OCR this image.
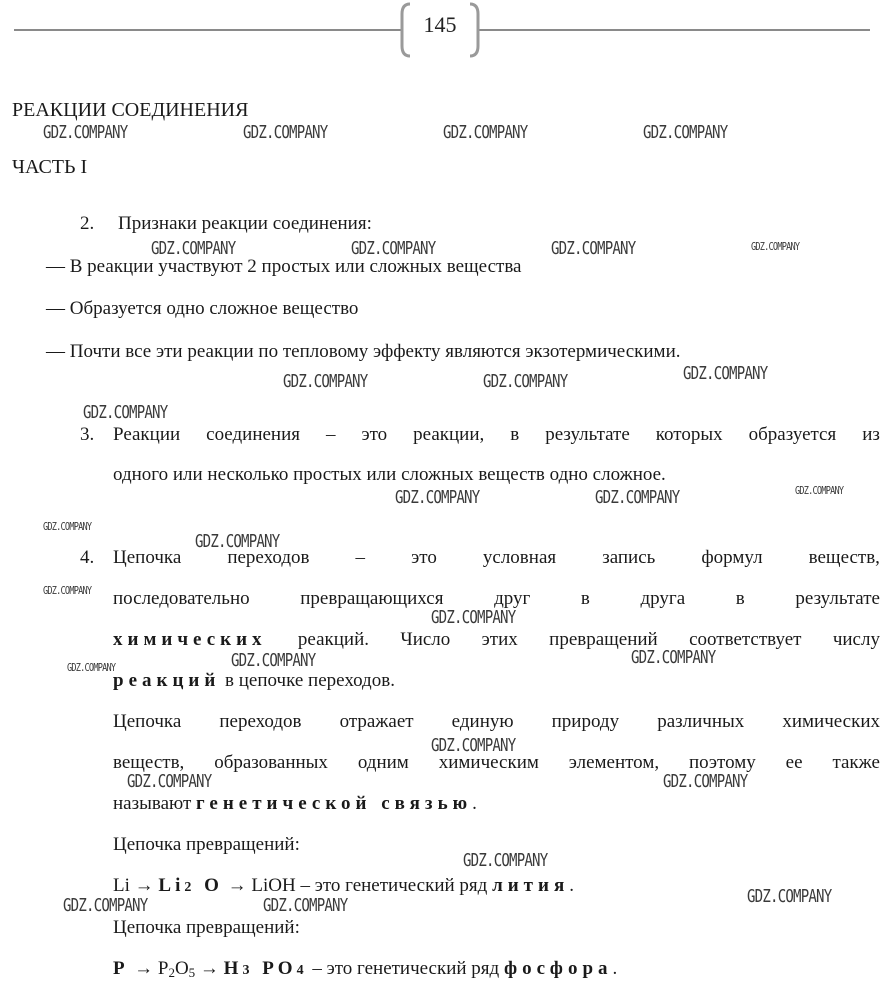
145
РЕАКЦИИ СОЕДИНЕНИЯ
ЧАСТЬ I
2. Признаки реакции соединения:
— В реакции участвуют 2 простых или сложных вещества
— Образуется одно сложное вещество
— Почти все эти реакции по тепловому эффекту являются экзотермическими.
3. Реакции соединения – это реакции, в результате которых образуется из
одного или несколько простых или сложных веществ одно сложное.
4. Цепочка переходов – это условная запись формул веществ,
последовательно	превращающихся	друг	в	друга	в	результате
химических реакций. Число этих превращений соответствует числу
реакций в цепочке переходов.
Цепочка переходов отражает единую природу различных химических
веществ, образованных одним химическим элементом, поэтому ее также
называют генетической связью.
Цепочка превращений:
Li → Li2 O → LiOH – это генетический ряд лития.
Цепочка превращений:
$P \to P_2O_5 \to H3$ PO4 – это генетический ряд фосфора.
GDZ.COMPANY	GDZ.COMPANY	GDZ.COMPANY	GDZ.COMPANY
GDZ.COMPANY	GDZ.COMPANY	GDZ.COMPANY	GDZ.COMPANY
GDZ.COMPANY	GDZ.COMPANY	GDZ.COMPANY
GDZ.COMPANY
GDZ.COMPANY	GDZ.COMPANY	GDZ.COMPANY
GDZ.COMPANY
GDZ.COMPANY
GDZ.COMPANY
GDZ.COMPANY
GDZ.COMPANY	GDZ.COMPANY	GDZ.COMPANY
GDZ.COMPANY
GDZ.COMPANY	GDZ.COMPANY
GDZ.COMPANY
GDZ.COMPANY
GDZ.COMPANY	GDZ.COMPANY
